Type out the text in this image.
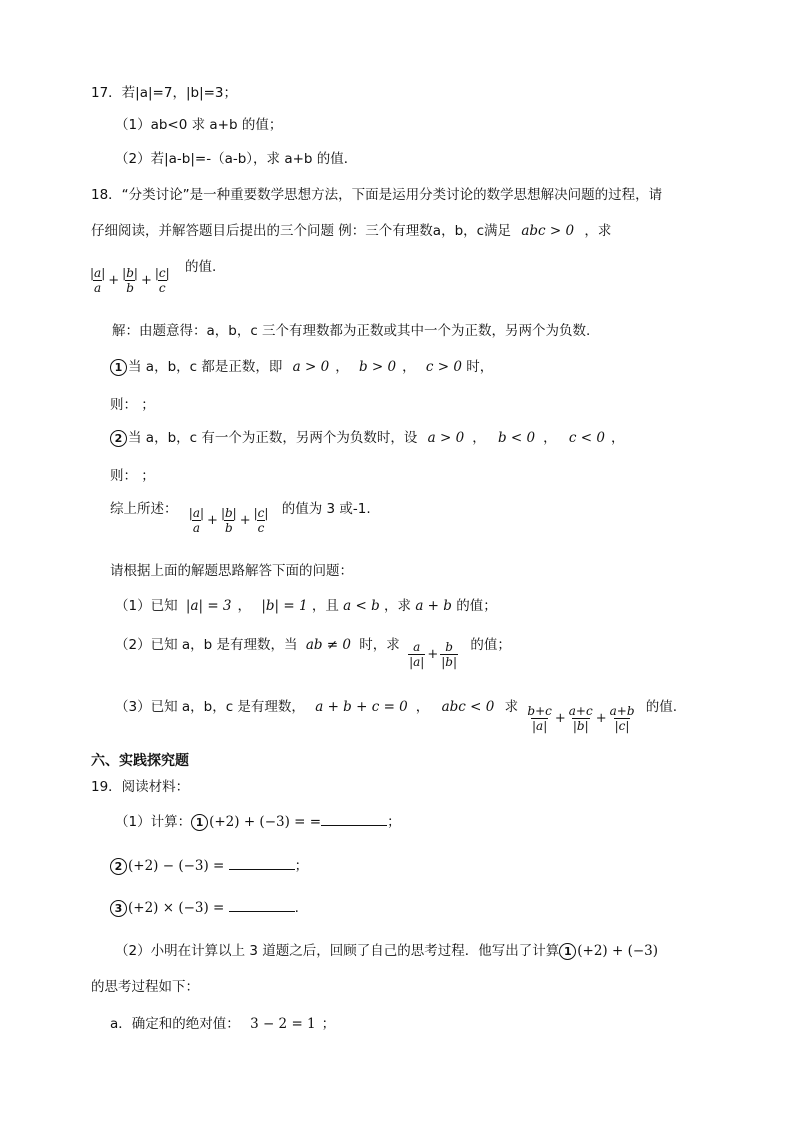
17．若|a|=7，|b|=3；
（1）ab<0 求 a+b 的值；
（2）若|a-b|=-（a-b），求 a+b 的值．
18．“分类讨论”是一种重要数学思想方法，下面是运用分类讨论的数学思想解决问题的过程，请
仔细阅读，并解答题目后提出的三个问题 例：三个有理数a，b，c满足 abc > 0 ，求
$\frac{|a|}{a} + \frac{|b|}{b} + \frac{|c|}{c}$ 的值.
解：由题意得：a，b，c 三个有理数都为正数或其中一个为正数，另两个为负数.
1 当 a，b，c 都是正数，即 a > 0 ， b > 0 ， c > 0 时，
则： ；
2 当 a，b，c 有一个为正数，另两个为负数时，设 a > 0 ， b < 0 ， c < 0 ，
则： ；
综上所述： $\frac{|a|}{a} + \frac{|b|}{b} + \frac{|c|}{c}$ 的值为 3 或-1.
请根据上面的解题思路解答下面的问题：
（1）已知 |a| = 3 ， |b| = 1 ，且 a < b ，求 a + b 的值；
（2）已知 a，b 是有理数，当 ab ≠ 0 时，求 $\frac{a}{|a|} + \frac{b}{|b|}$ 的值；
（3）已知 a，b，c 是有理数， a + b + c = 0 ， abc < 0 求 $\frac{b+c}{|a|} + \frac{a+c}{|b|} + \frac{a+b}{|c|}$ 的值.
六、实践探究题
19．阅读材料：
（1）计算： 1 (+2) + (−3) = =	；
2 (+2) − (−3) =	；
3 (+2) × (−3) =	.
（2）小明在计算以上 3 道题之后，回顾了自己的思考过程．他写出了计算 1 (+2) + (−3)
的思考过程如下：
a．确定和的绝对值： 3 − 2 = 1 ；
